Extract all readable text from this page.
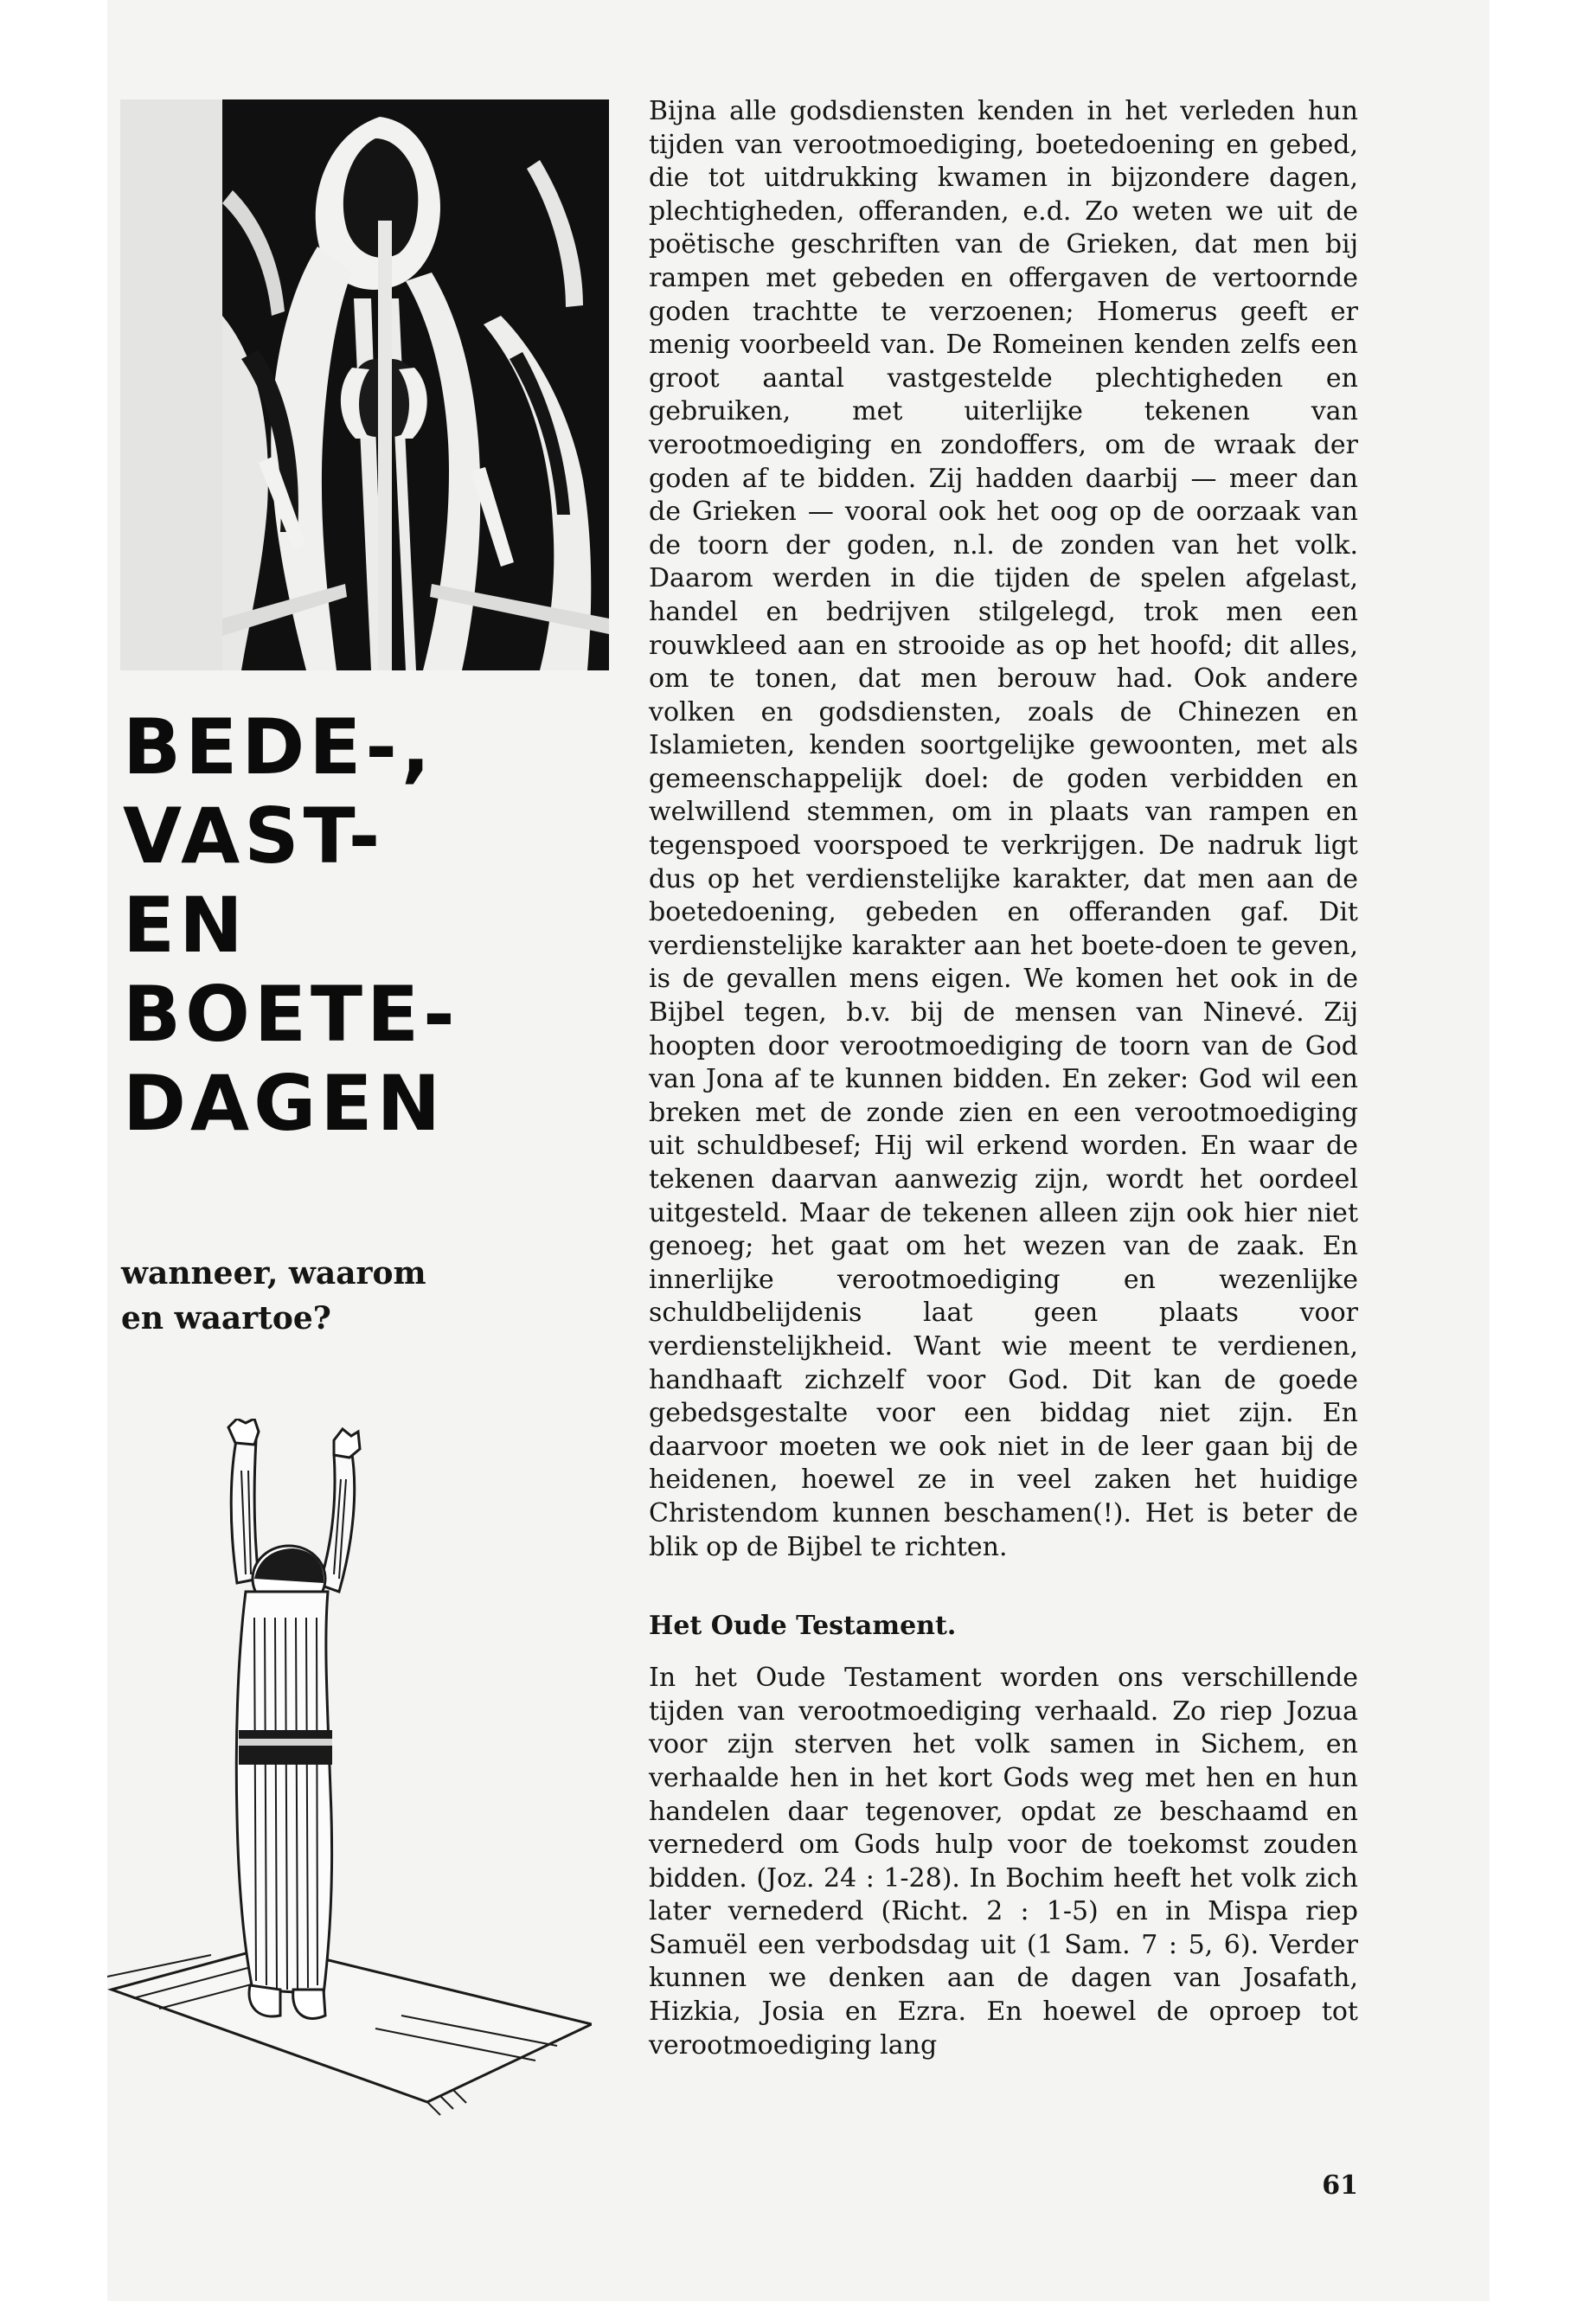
BEDE-,
VAST-
EN
BOETE-
DAGEN
wanneer, waarom
en waartoe?

Bijna alle godsdiensten kenden in het verleden hun tijden van verootmoediging, boetedoening en gebed, die tot uitdrukking kwamen in bijzondere dagen, plechtigheden, offeranden, e.d. Zo weten we uit de poëtische geschriften van de Grieken, dat men bij rampen met gebeden en offergaven de vertoornde goden trachtte te verzoenen; Homerus geeft er menig voorbeeld van. De Romeinen kenden zelfs een groot aantal vastgestelde plechtigheden en gebruiken, met uiterlijke tekenen van verootmoediging en zondoffers, om de wraak der goden af te bidden. Zij hadden daarbij — meer dan de Grieken — vooral ook het oog op de oorzaak van de toorn der goden, n.l. de zonden van het volk. Daarom werden in die tijden de spelen afgelast, handel en bedrijven stilgelegd, trok men een rouwkleed aan en strooide as op het hoofd; dit alles, om te tonen, dat men berouw had. Ook andere volken en godsdiensten, zoals de Chinezen en Islamieten, kenden soortgelijke gewoonten, met als gemeenschappelijk doel: de goden verbidden en welwillend stemmen, om in plaats van rampen en tegenspoed voorspoed te verkrijgen. De nadruk ligt dus op het verdienstelijke karakter, dat men aan de boetedoening, gebeden en offeranden gaf. Dit verdienstelijke karakter aan het boete-doen te geven, is de gevallen mens eigen. We komen het ook in de Bijbel tegen, b.v. bij de mensen van Ninevé. Zij hoopten door verootmoediging de toorn van de God van Jona af te kunnen bidden. En zeker: God wil een breken met de zonde zien en een verootmoediging uit schuldbesef; Hij wil erkend worden. En waar de tekenen daarvan aanwezig zijn, wordt het oordeel uitgesteld. Maar de tekenen alleen zijn ook hier niet genoeg; het gaat om het wezen van de zaak. En innerlijke verootmoediging en wezenlijke schuldbelijdenis laat geen plaats voor verdienstelijkheid. Want wie meent te verdienen, handhaaft zichzelf voor God. Dit kan de goede gebedsgestalte voor een biddag niet zijn. En daarvoor moeten we ook niet in de leer gaan bij de heidenen, hoewel ze in veel zaken het huidige Christendom kunnen beschamen(!). Het is beter de blik op de Bijbel te richten.

Het Oude Testament.

In het Oude Testament worden ons verschillende tijden van verootmoediging verhaald. Zo riep Jozua voor zijn sterven het volk samen in Sichem, en verhaalde hen in het kort Gods weg met hen en hun handelen daar tegenover, opdat ze beschaamd en vernederd om Gods hulp voor de toekomst zouden bidden. (Joz. 24 : 1-28). In Bochim heeft het volk zich later vernederd (Richt. 2 : 1-5) en in Mispa riep Samuël een verbodsdag uit (1 Sam. 7 : 5, 6). Verder kunnen we denken aan de dagen van Josafath, Hizkia, Josia en Ezra. En hoewel de oproep tot verootmoediging lang

61
